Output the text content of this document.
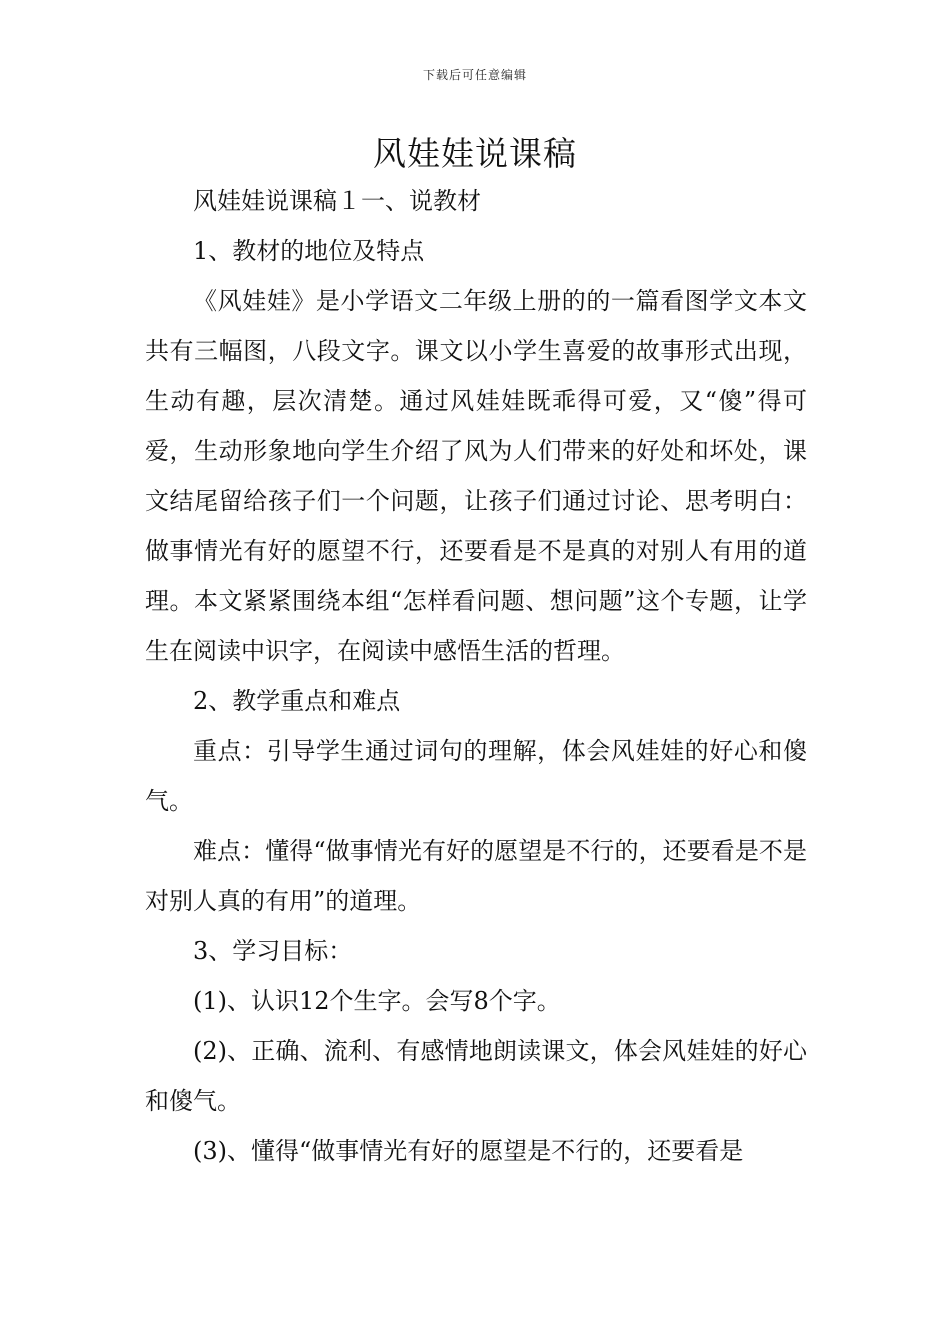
下载后可任意编辑
风娃娃说课稿

风娃娃说课稿１一、说教材

1、教材的地位及特点

《风娃娃》是小学语文二年级上册的的一篇看图学文本文共有三幅图，八段文字。课文以小学生喜爱的故事形式出现，生动有趣，层次清楚。通过风娃娃既乖得可爱，又“傻”得可爱，生动形象地向学生介绍了风为人们带来的好处和坏处，课文结尾留给孩子们一个问题，让孩子们通过讨论、思考明白：做事情光有好的愿望不行，还要看是不是真的对别人有用的道理。本文紧紧围绕本组“怎样看问题、想问题”这个专题，让学生在阅读中识字，在阅读中感悟生活的哲理。

2、教学重点和难点

重点：引导学生通过词句的理解，体会风娃娃的好心和傻气。

难点：懂得“做事情光有好的愿望是不行的，还要看是不是对别人真的有用”的道理。

3、学习目标：

(1)、认识12个生字。会写8个字。

(2)、正确、流利、有感情地朗读课文，体会风娃娃的好心和傻气。

(3)、懂得“做事情光有好的愿望是不行的，还要看是
